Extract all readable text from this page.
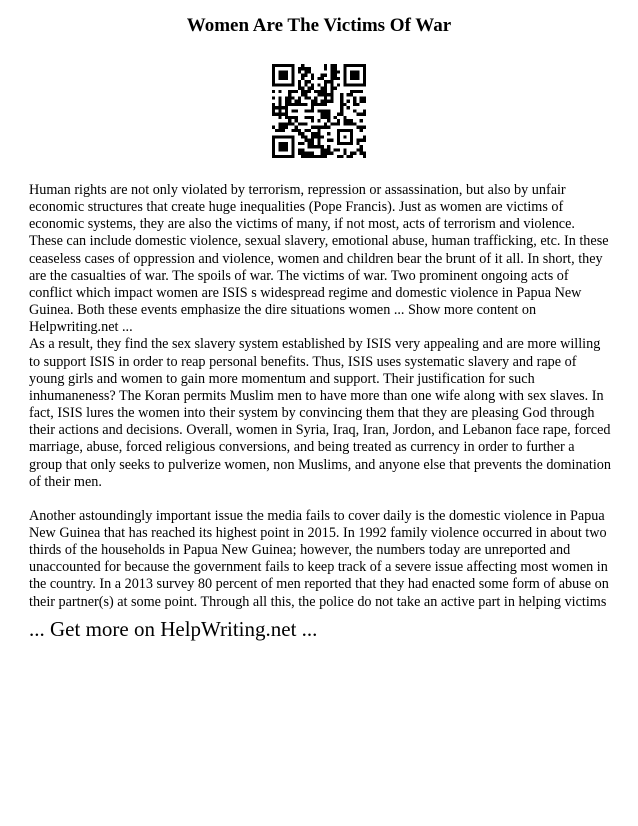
Women Are The Victims Of War

Human rights are not only violated by terrorism, repression or assassination, but also by unfair economic structures that create huge inequalities (Pope Francis). Just as women are victims of economic systems, they are also the victims of many, if not most, acts of terrorism and violence. These can include domestic violence, sexual slavery, emotional abuse, human trafficking, etc. In these ceaseless cases of oppression and violence, women and children bear the brunt of it all. In short, they are the casualties of war. The spoils of war. The victims of war. Two prominent ongoing acts of conflict which impact women are ISIS s widespread regime and domestic violence in Papua New Guinea. Both these events emphasize the dire situations women ... Show more content on Helpwriting.net ...

As a result, they find the sex slavery system established by ISIS very appealing and are more willing to support ISIS in order to reap personal benefits. Thus, ISIS uses systematic slavery and rape of young girls and women to gain more momentum and support. Their justification for such inhumaneness? The Koran permits Muslim men to have more than one wife along with sex slaves. In fact, ISIS lures the women into their system by convincing them that they are pleasing God through their actions and decisions. Overall, women in Syria, Iraq, Iran, Jordon, and Lebanon face rape, forced marriage, abuse, forced religious conversions, and being treated as currency in order to further a group that only seeks to pulverize women, non Muslims, and anyone else that prevents the domination of their men.

Another astoundingly important issue the media fails to cover daily is the domestic violence in Papua New Guinea that has reached its highest point in 2015. In 1992 family violence occurred in about two thirds of the households in Papua New Guinea; however, the numbers today are unreported and unaccounted for because the government fails to keep track of a severe issue affecting most women in the country. In a 2013 survey 80 percent of men reported that they had enacted some form of abuse on their partner(s) at some point. Through all this, the police do not take an active part in helping victims

... Get more on HelpWriting.net ...
